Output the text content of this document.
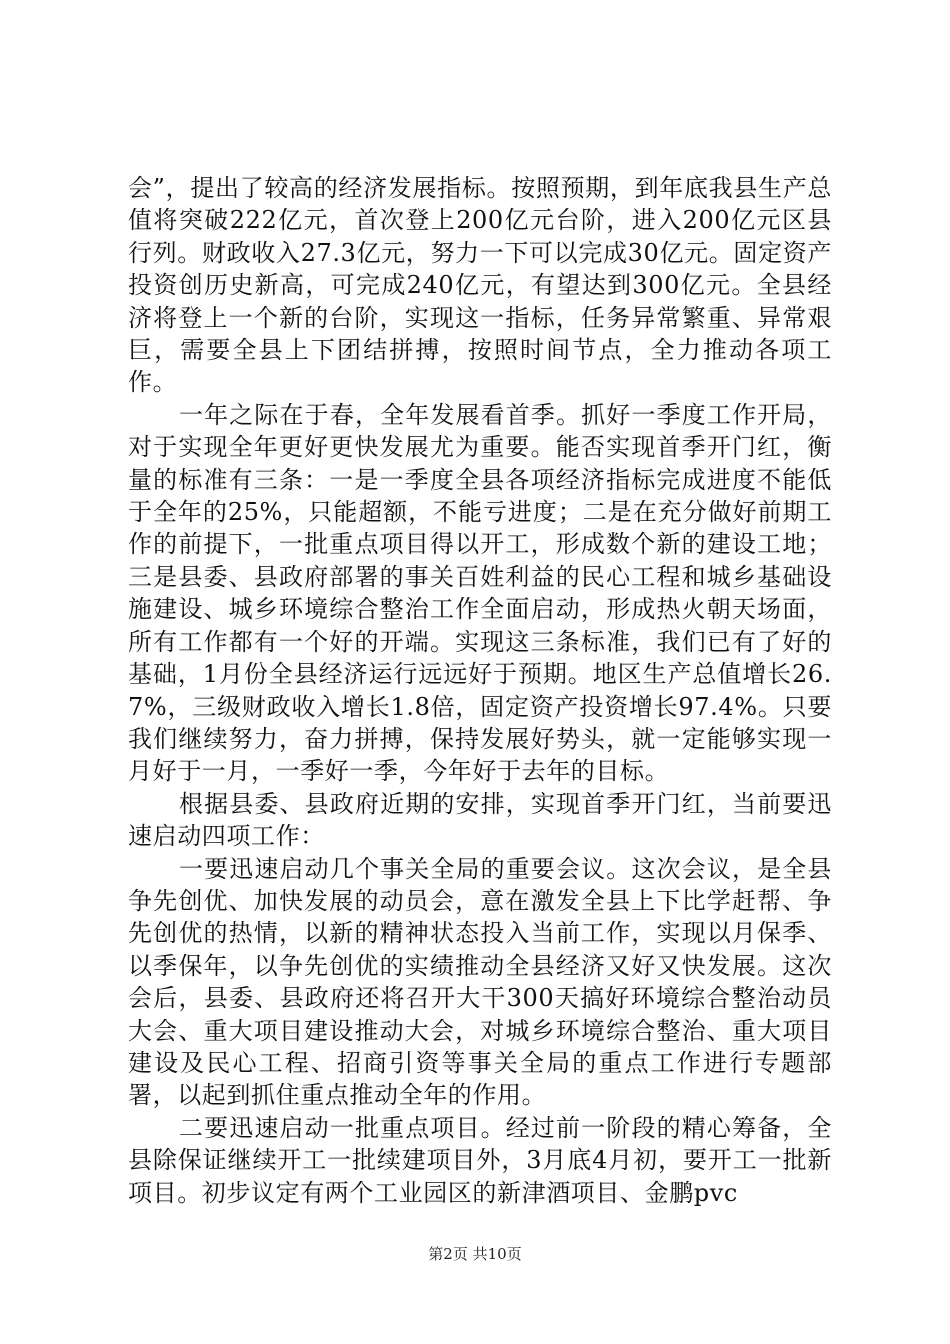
会”，提出了较高的经济发展指标。按照预期，到年底我县生产总值将突破222亿元，首次登上200亿元台阶，进入200亿元区县行列。财政收入27.3亿元，努力一下可以完成30亿元。固定资产投资创历史新高，可完成240亿元，有望达到300亿元。全县经济将登上一个新的台阶，实现这一指标，任务异常繁重、异常艰巨，需要全县上下团结拼搏，按照时间节点，全力推动各项工作。

一年之际在于春，全年发展看首季。抓好一季度工作开局，对于实现全年更好更快发展尤为重要。能否实现首季开门红，衡量的标准有三条：一是一季度全县各项经济指标完成进度不能低于全年的25%，只能超额，不能亏进度；二是在充分做好前期工作的前提下，一批重点项目得以开工，形成数个新的建设工地；三是县委、县政府部署的事关百姓利益的民心工程和城乡基础设施建设、城乡环境综合整治工作全面启动，形成热火朝天场面，所有工作都有一个好的开端。实现这三条标准，我们已有了好的基础，1月份全县经济运行远远好于预期。地区生产总值增长26.7%，三级财政收入增长1.8倍，固定资产投资增长97.4%。只要我们继续努力，奋力拼搏，保持发展好势头，就一定能够实现一月好于一月，一季好一季，今年好于去年的目标。

根据县委、县政府近期的安排，实现首季开门红，当前要迅速启动四项工作：

一要迅速启动几个事关全局的重要会议。这次会议，是全县争先创优、加快发展的动员会，意在激发全县上下比学赶帮、争先创优的热情，以新的精神状态投入当前工作，实现以月保季、以季保年，以争先创优的实绩推动全县经济又好又快发展。这次会后，县委、县政府还将召开大干300天搞好环境综合整治动员大会、重大项目建设推动大会，对城乡环境综合整治、重大项目建设及民心工程、招商引资等事关全局的重点工作进行专题部署，以起到抓住重点推动全年的作用。

二要迅速启动一批重点项目。经过前一阶段的精心筹备，全县除保证继续开工一批续建项目外，3月底4月初，要开工一批新项目。初步议定有两个工业园区的新津酒项目、金鹏pvc

第2页 共10页
